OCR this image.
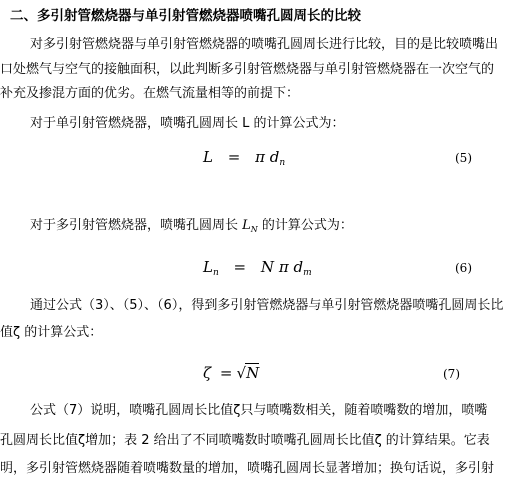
二、多引射管燃烧器与单引射管燃烧器喷嘴孔圆周长的比较
对多引射管燃烧器与单引射管燃烧器的喷嘴孔圆周长进行比较，目的是比较喷嘴出
口处燃气与空气的接触面积，以此判断多引射管燃烧器与单引射管燃烧器在一次空气的
补充及掺混方面的优劣。在燃气流量相等的前提下：
对于单引射管燃烧器，喷嘴孔圆周长 L 的计算公式为：
L = π $d_n$	(5)
对于多引射管燃烧器，喷嘴孔圆周长 $L_N$ 的计算公式为：
$L_n = N$ π $d_m$	(6)
通过公式（3）、（5）、（6），得到多引射管燃烧器与单引射管燃烧器喷嘴孔圆周长比
值ζ 的计算公式：
ζ = √N	(7)
公式（7）说明，喷嘴孔圆周长比值ζ只与喷嘴数相关，随着喷嘴数的增加，喷嘴
孔圆周长比值ζ增加；表 2 给出了不同喷嘴数时喷嘴孔圆周长比值ζ 的计算结果。它表
明，多引射管燃烧器随着喷嘴数量的增加，喷嘴孔圆周长显著增加；换句话说，多引射
